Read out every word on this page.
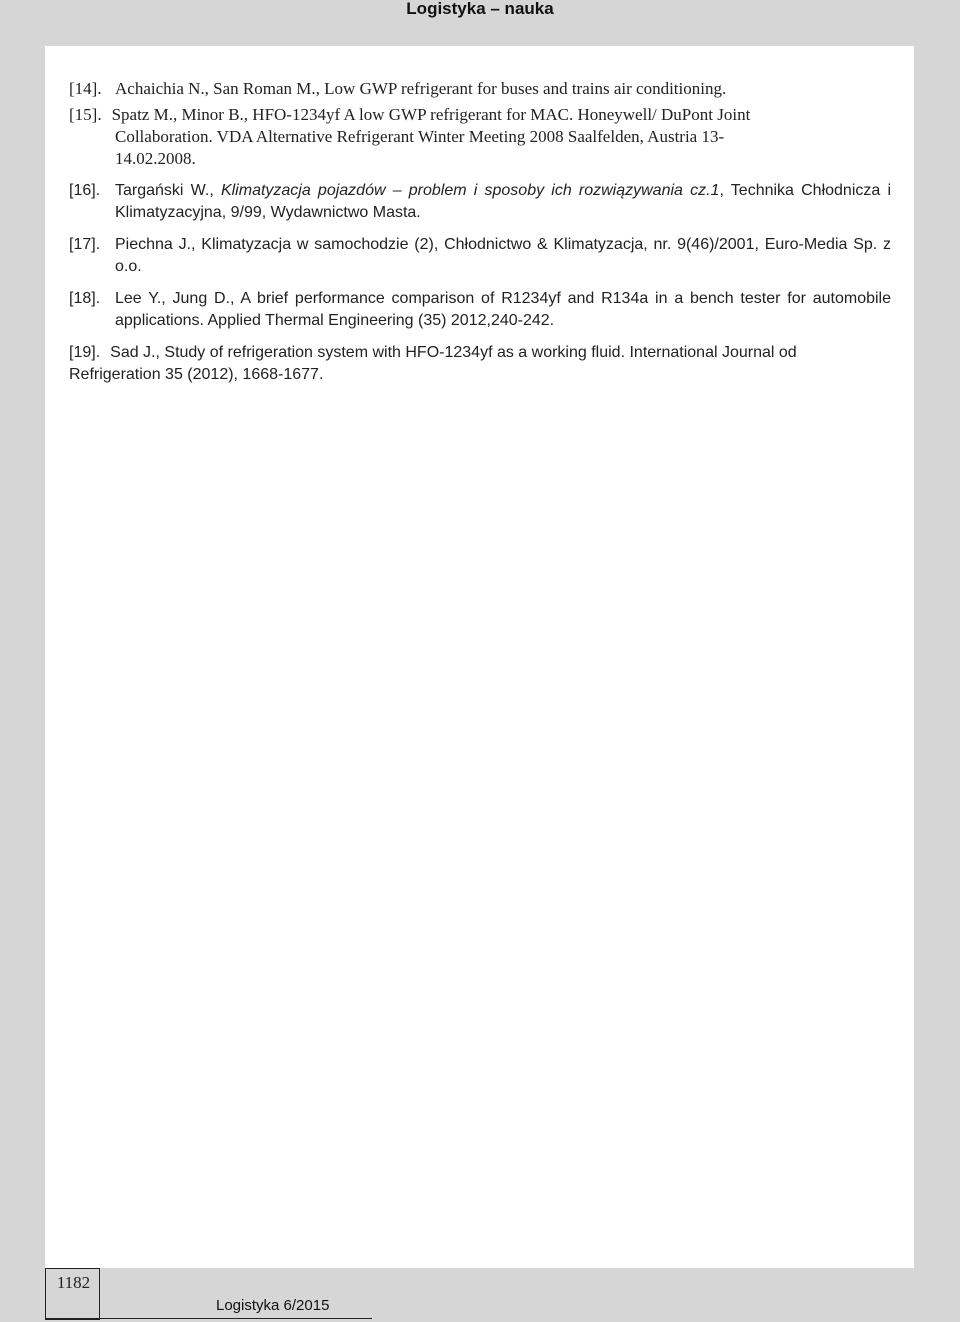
Logistyka – nauka
[14]. Achaichia N., San Roman M., Low GWP refrigerant for buses and trains air conditioning.
[15]. Spatz M., Minor B., HFO-1234yf A low GWP refrigerant for MAC. Honeywell/ DuPont Joint
Collaboration. VDA Alternative Refrigerant Winter Meeting 2008 Saalfelden, Austria 13-
14.02.2008.
[16]. Targański W., Klimatyzacja pojazdów – problem i sposoby ich rozwiązywania cz.1, Technika Chłodnicza i Klimatyzacyjna, 9/99, Wydawnictwo Masta.
[17]. Piechna J., Klimatyzacja w samochodzie (2), Chłodnictwo & Klimatyzacja, nr. 9(46)/2001, Euro-Media Sp. z o.o.
[18]. Lee Y., Jung D., A brief performance comparison of R1234yf and R134a in a bench tester for automobile applications. Applied Thermal Engineering (35) 2012,240-242.
[19]. Sad J., Study of refrigeration system with HFO-1234yf as a working fluid. International Journal od
Refrigeration 35 (2012), 1668-1677.
1182
Logistyka 6/2015
